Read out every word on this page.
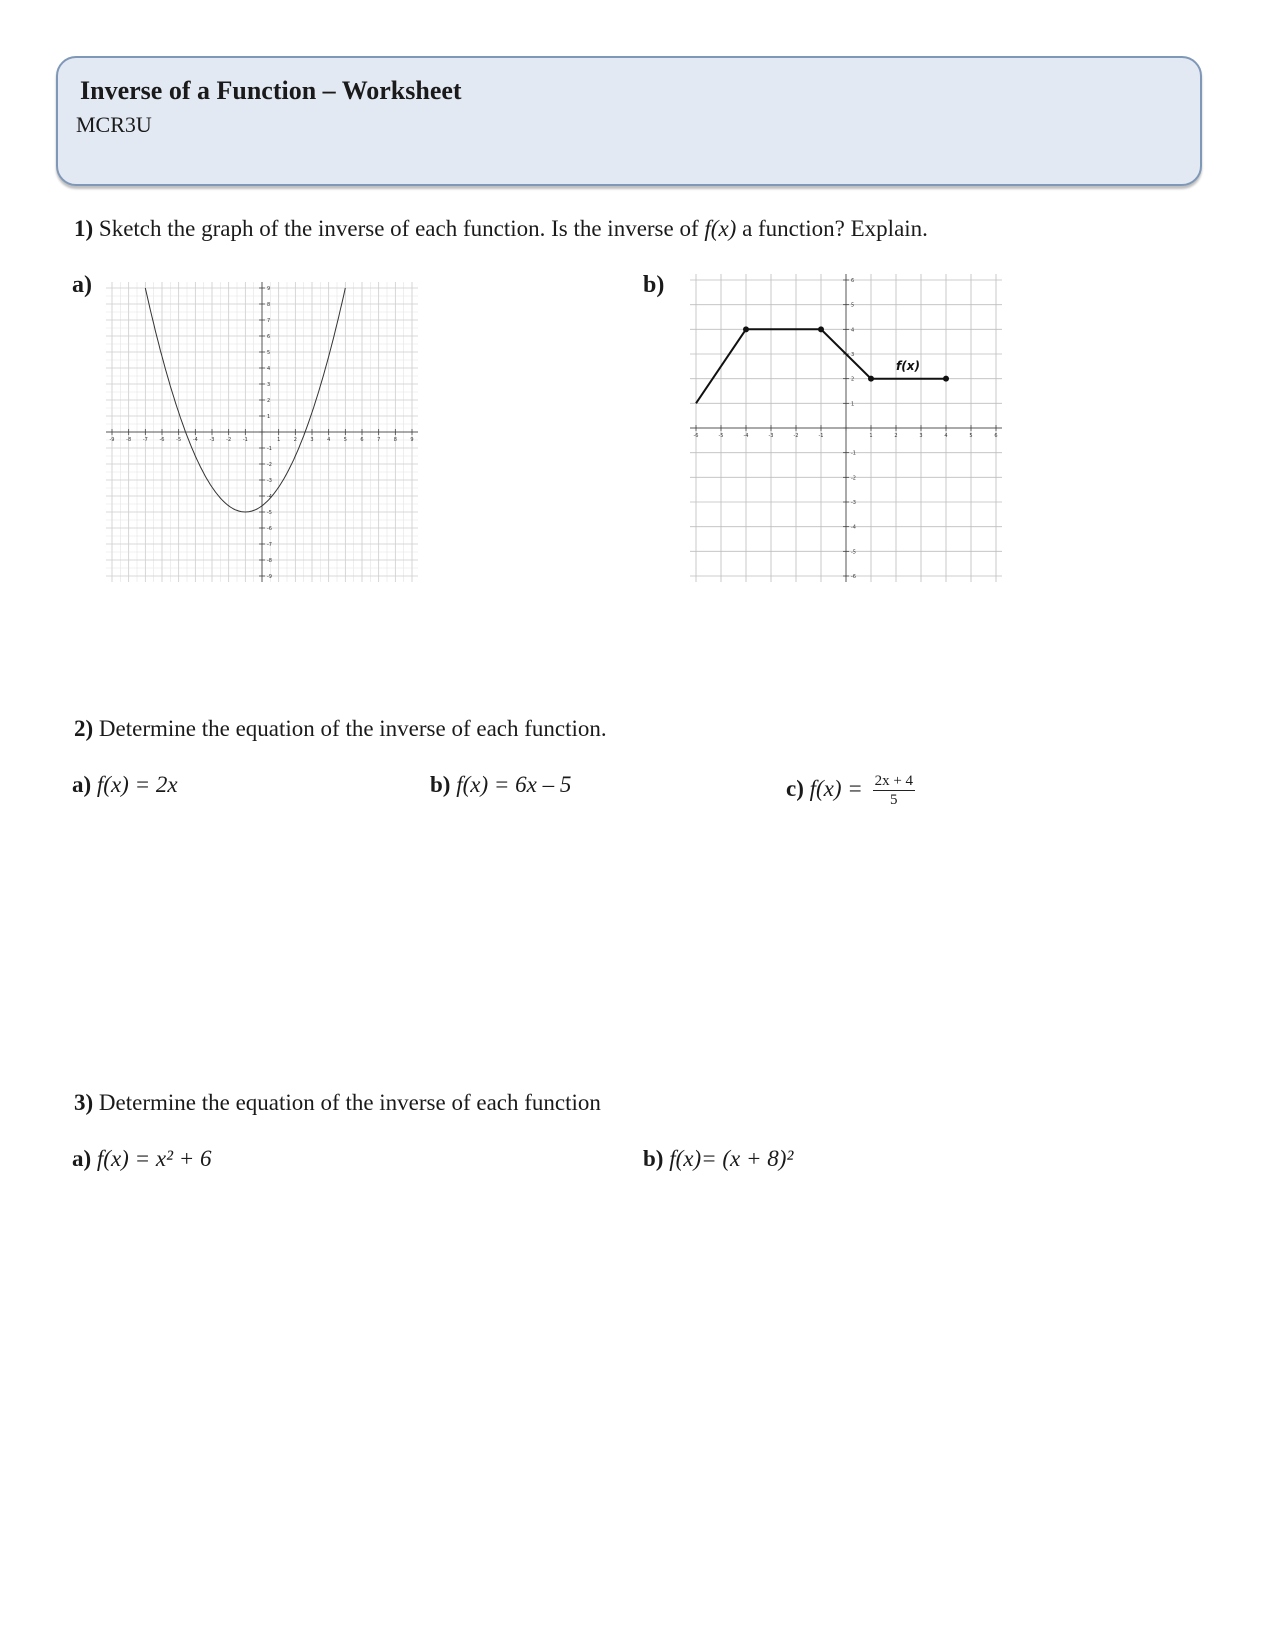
Inverse of a Function – Worksheet
MCR3U
1) Sketch the graph of the inverse of each function. Is the inverse of f(x) a function? Explain.
a)	b)
-9 -8 -7 -6 -5 -4 -3 -2 -1	1	2	3	4	5	6	7	8	9
-9
-8
-7
-6
-5
-4
-3
-2
-1
1
2
3
4
5
6
7
8
9
-6	-5	-4	-3	-2	-1	1	2	3	4	5	6
-6
-5
-4
-3
-2
-1
1
2
3
4
5
6
f(x)
2) Determine the equation of the inverse of each function.
a) f(x) = 2x	b) f(x) = 6x – 5	c) $f(x) = \frac{2x + 4}{5}$
3) Determine the equation of the inverse of each function
a) f(x) = x² + 6	b) f(x)= (x + 8)²
